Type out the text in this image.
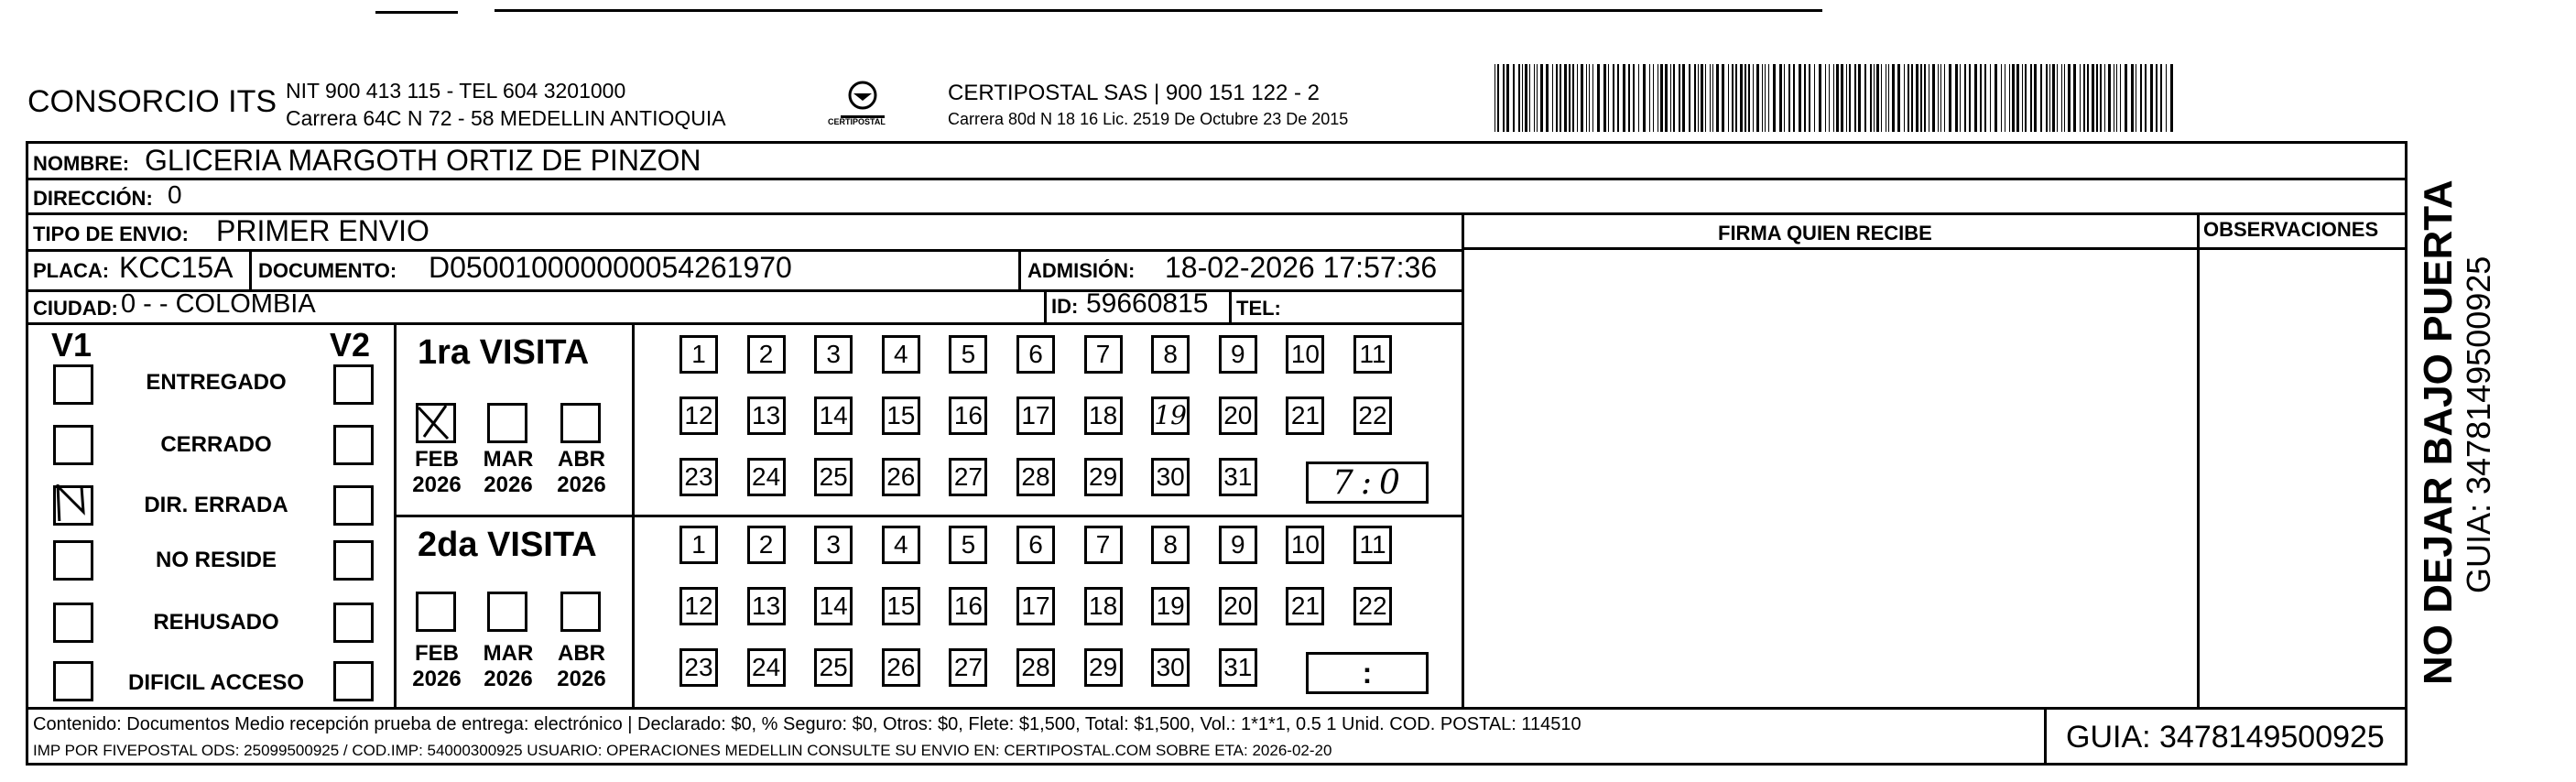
CONSORCIO ITS NIT 900 413 115 - TEL 604 3201000
Carrera 64C N 72 - 58 MEDELLIN ANTIOQUIA	CERTIPOSTAL
CERTIPOSTAL SAS | 900 151 122 - 2
Carrera 80d N 18 16 Lic. 2519 De Octubre 23 De 2015
NOMBRE: GLICERIA MARGOTH ORTIZ DE PINZON
DIRECCIÓN: 0
TIPO DE ENVIO: PRIMER ENVIO	FIRMA QUIEN RECIBE	OBSERVACIONES
PLACA: KCC15A DOCUMENTO: D050010000000054261970	ADMISIÓN: 18-02-2026 17:57:36
CIUDAD: 0 - - COLOMBIA	ID: 59660815 TEL:
V1	V2
ENTREGADO
CERRADO
DIR. ERRADA
NO RESIDE
REHUSADO
DIFICIL ACCESO
1ra VISITA
2da VISITA
FEB	MAR ABR
2026 2026 2026
FEB	MAR ABR
2026 2026 2026
1	2	3	4	5	6	7	8	9	10 11
12 13 14 15 16 17 18 19 20 21 22
23 24 25 26 27 28 29 30 31
1	2	3	4	5	6	7	8	9	10 11
12 13 14 15 16 17 18 19 20 21 22
23 24 25 26 27 28 29 30 31
7:0
:	NO DEJAR BAJO PUERTA GUIA: 3478149500925
Contenido: Documentos Medio recepción prueba de entrega: electrónico | Declarado: $0, % Seguro: $0, Otros: $0, Flete: $1,500, Total: $1,500, Vol.: 1*1*1, 0.5 1 Unid. COD. POSTAL: 114510
IMP POR FIVEPOSTAL ODS: 25099500925 / COD.IMP: 54000300925 USUARIO: OPERACIONES MEDELLIN CONSULTE SU ENVIO EN: CERTIPOSTAL.COM SOBRE ETA: 2026-02-20	GUIA: 3478149500925
